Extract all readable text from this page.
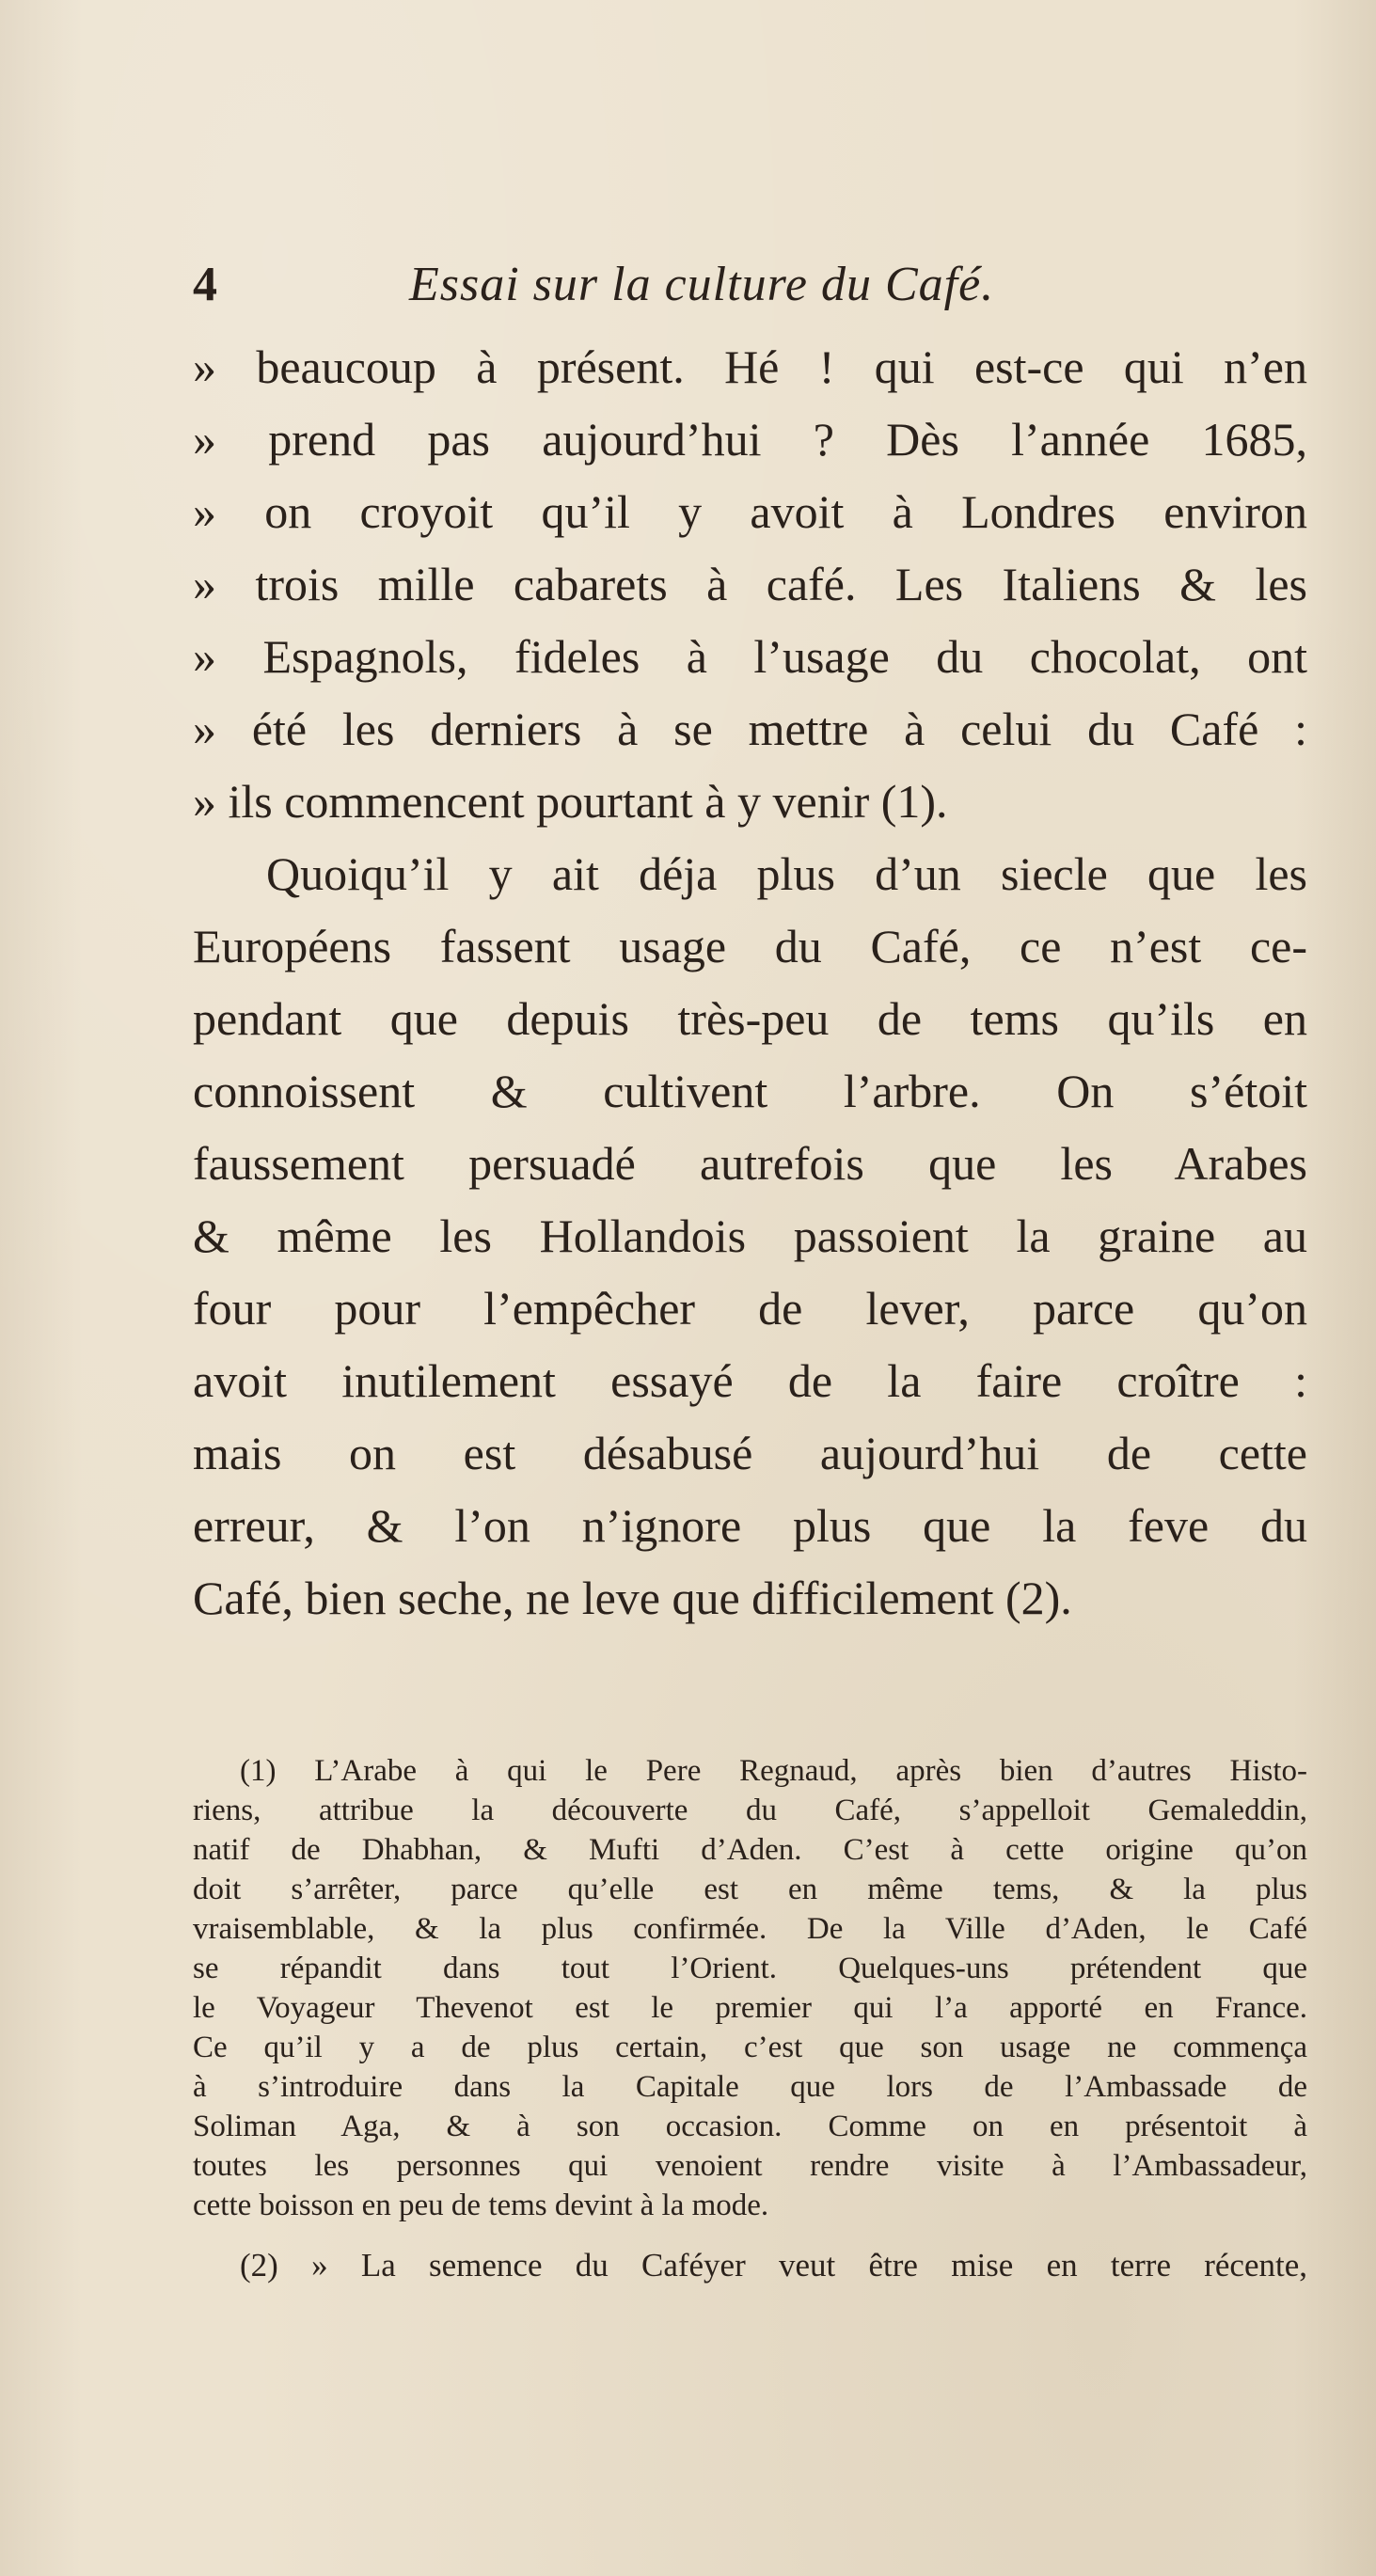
4	Essai sur la culture du Café.
» beaucoup à présent. Hé ! qui est-ce qui n’en
» prend pas aujourd’hui ? Dès l’année 1685,
» on croyoit qu’il y avoit à Londres environ
» trois mille cabarets à café. Les Italiens & les
» Espagnols, fideles à l’usage du chocolat, ont
» été les derniers à se mettre à celui du Café :
» ils commencent pourtant à y venir (1).
Quoiqu’il y ait déja plus d’un siecle que les
Européens fassent usage du Café, ce n’est ce-
pendant que depuis très-peu de tems qu’ils en
connoissent & cultivent l’arbre. On s’étoit
faussement persuadé autrefois que les Arabes
& même les Hollandois passoient la graine au
four pour l’empêcher de lever, parce qu’on
avoit inutilement essayé de la faire croître :
mais on est désabusé aujourd’hui de cette
erreur, & l’on n’ignore plus que la feve du
Café, bien seche, ne leve que difficilement (2).
(1) L’Arabe à qui le Pere Regnaud, après bien d’autres Histo-
riens, attribue la découverte du Café, s’appelloit Gemaleddin,
natif de Dhabhan, & Mufti d’Aden. C’est à cette origine qu’on
doit s’arrêter, parce qu’elle est en même tems, & la plus
vraisemblable, & la plus confirmée. De la Ville d’Aden, le Café
se répandit dans tout l’Orient. Quelques-uns prétendent que
le Voyageur Thevenot est le premier qui l’a apporté en France.
Ce qu’il y a de plus certain, c’est que son usage ne commença
à s’introduire dans la Capitale que lors de l’Ambassade de
Soliman Aga, & à son occasion. Comme on en présentoit à
toutes les personnes qui venoient rendre visite à l’Ambassadeur,
cette boisson en peu de tems devint à la mode.
(2) » La semence du Caféyer veut être mise en terre récente,
